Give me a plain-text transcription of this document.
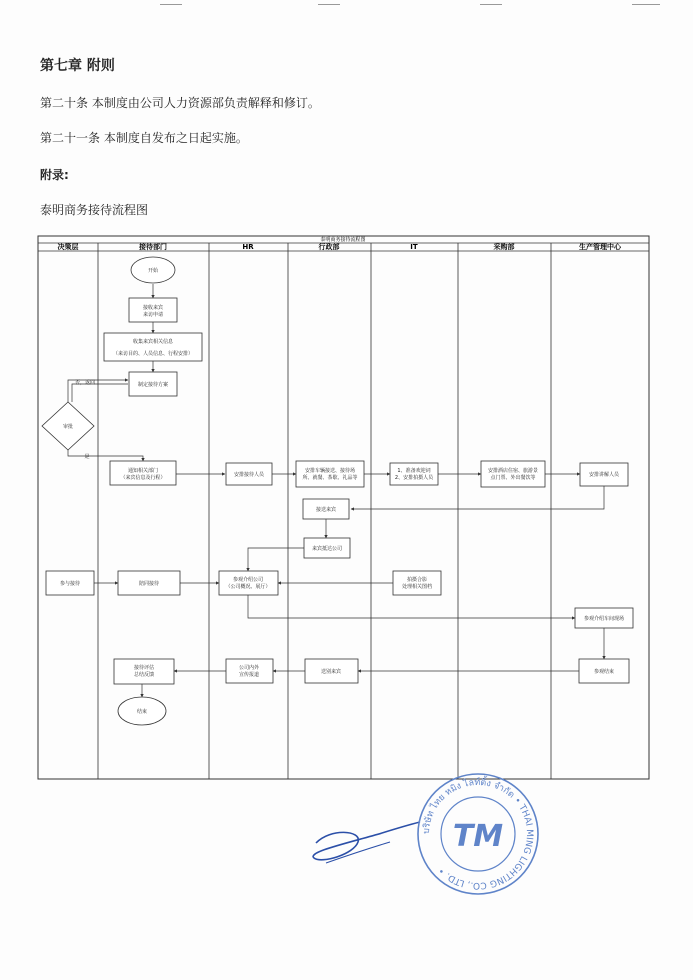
第七章 附则
第二十条 本制度由公司人力资源部负责解释和修订。
第二十一条 本制度自发布之日起实施。
附录:
泰明商务接待流程图
泰明商务接待流程图
决策层	接待部门	HR	行政部	IT	采购部	生产管理中心
开始
接收来宾
来访申请
收集来宾相关信息
（来访目的、人员信息、行程安排）
制定接待方案
审批
否，返回
是
通知相关部门
（来宾信息及行程）	安排接待人员
安排车辆接送、接待场
所、就餐、茶歇、礼品等
1、准备欢迎词
2、安排拍摄人员
安排酒店住宿、旅游景
点门票、外出餐饮等	安排讲解人员
接送来宾
来宾抵达公司
参与接待	陪同接待
参观介绍公司
（公司概况、展厅）
拍摄合影
处理相关图档
参观介绍车间现场
参观结束
送别来宾
公司内外
宣传报道
接待评估
总结反馈
结束
บริษัท ไทย หมิง ไลท์ติ้ง จำกัด • THAI MING LIGHTING CO., LTD. •
TM
